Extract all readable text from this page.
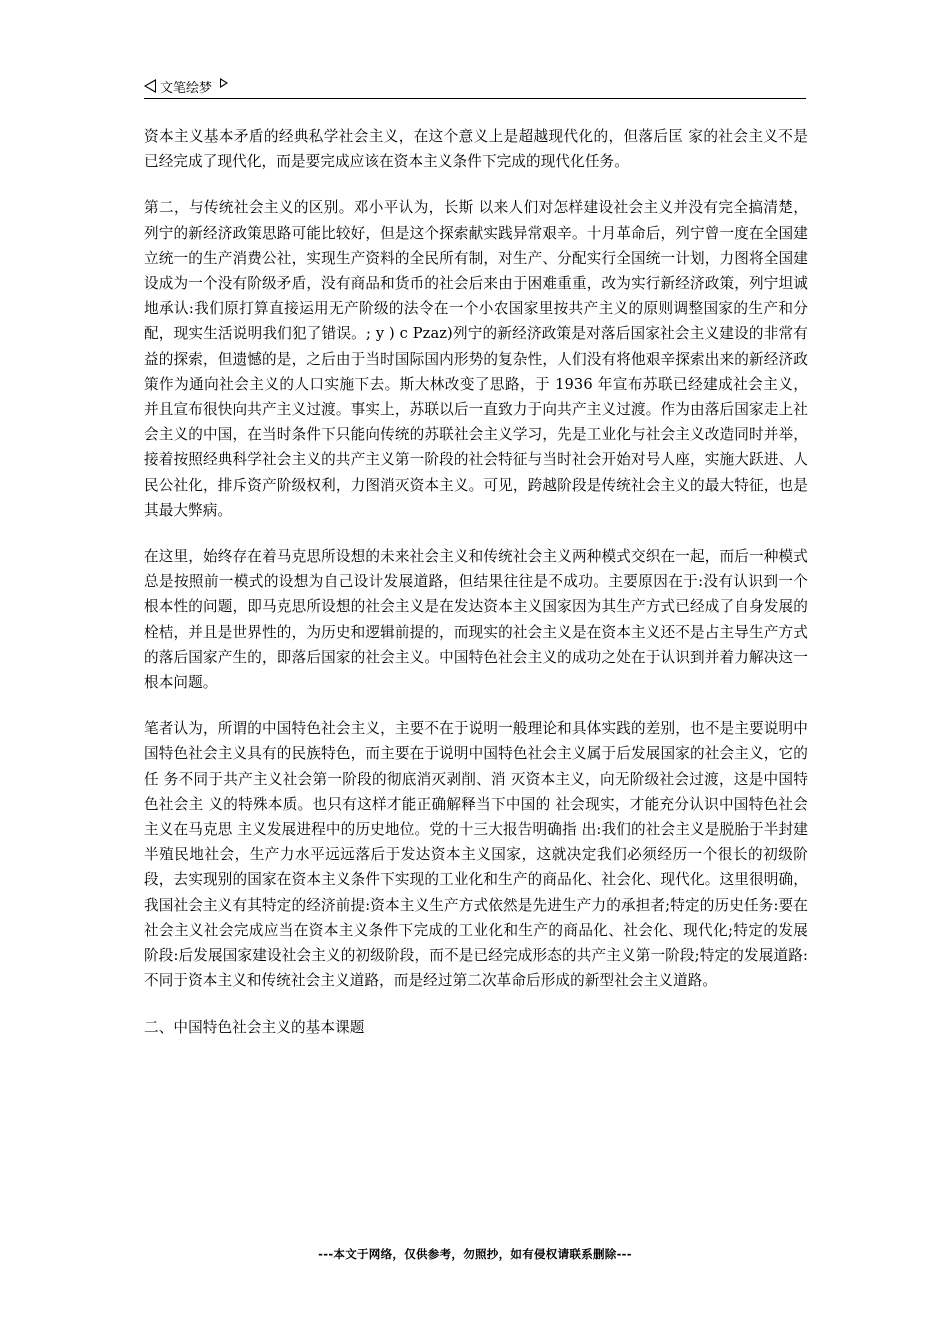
文笔绘梦

资本主义基本矛盾的经典私学社会主义，在这个意义上是超越现代化的，但落后匡 家的社会主义不是已经完成了现代化，而是要完成应该在资本主义条件下完成的现代化任务。

第二，与传统社会主义的区别。邓小平认为，长斯 以来人们对怎样建设社会主义并没有完全搞清楚，列宁的新经济政策思路可能比较好，但是这个探索献实践异常艰辛。十月革命后，列宁曾一度在全国建立统一的生产消费公社，实现生产资料的全民所有制，对生产、分配实行全国统一计划，力图将全国建设成为一个没有阶级矛盾，没有商品和货币的社会后来由于困难重重，改为实行新经济政策，列宁坦诚地承认:我们原打算直接运用无产阶级的法令在一个小农国家里按共产主义的原则调整国家的生产和分配，现实生活说明我们犯了错误。; y ) c Pzaz)列宁的新经济政策是对落后国家社会主义建设的非常有益的探索，但遗憾的是，之后由于当时国际国内形势的复杂性，人们没有将他艰辛探索出来的新经济政策作为通向社会主义的人口实施下去。斯大林改变了思路，于 1936 年宣布苏联已经建成社会主义，并且宣布很快向共产主义过渡。事实上，苏联以后一直致力于向共产主义过渡。作为由落后国家走上社会主义的中国，在当时条件下只能向传统的苏联社会主义学习，先是工业化与社会主义改造同时并举，接着按照经典科学社会主义的共产主义第一阶段的社会特征与当时社会开始对号人座，实施大跃进、人民公社化，排斥资产阶级权利，力图消灭资本主义。可见，跨越阶段是传统社会主义的最大特征，也是其最大弊病。

在这里，始终存在着马克思所设想的未来社会主义和传统社会主义两种模式交织在一起，而后一种模式总是按照前一模式的设想为自己设计发展道路，但结果往往是不成功。主要原因在于:没有认识到一个根本性的问题，即马克思所设想的社会主义是在发达资本主义国家因为其生产方式已经成了自身发展的栓桔，并且是世界性的，为历史和逻辑前提的，而现实的社会主义是在资本主义还不是占主导生产方式的落后国家产生的，即落后国家的社会主义。中国特色社会主义的成功之处在于认识到并着力解决这一根本问题。

笔者认为，所谓的中国特色社会主义，主要不在于说明一般理论和具体实践的差别，也不是主要说明中国特色社会主义具有的民族特色，而主要在于说明中国特色社会主义属于后发展国家的社会主义，它的任 务不同于共产主义社会第一阶段的彻底消灭剥削、消 灭资本主义，向无阶级社会过渡，这是中国特色社会主 义的特殊本质。也只有这样才能正确解释当下中国的 社会现实，才能充分认识中国特色社会主义在马克思 主义发展进程中的历史地位。党的十三大报告明确指 出:我们的社会主义是脱胎于半封建半殖民地社会，生产力水平远远落后于发达资本主义国家，这就决定我们必须经历一个很长的初级阶段，去实现别的国家在资本主义条件下实现的工业化和生产的商品化、社会化、现代化。这里很明确，我国社会主义有其特定的经济前提:资本主义生产方式依然是先进生产力的承担者;特定的历史任务:要在社会主义社会完成应当在资本主义条件下完成的工业化和生产的商品化、社会化、现代化;特定的发展阶段:后发展国家建设社会主义的初级阶段，而不是已经完成形态的共产主义第一阶段;特定的发展道路:不同于资本主义和传统社会主义道路，而是经过第二次革命后形成的新型社会主义道路。

二、中国特色社会主义的基本课题

---本文于网络，仅供参考，勿照抄，如有侵权请联系删除---
